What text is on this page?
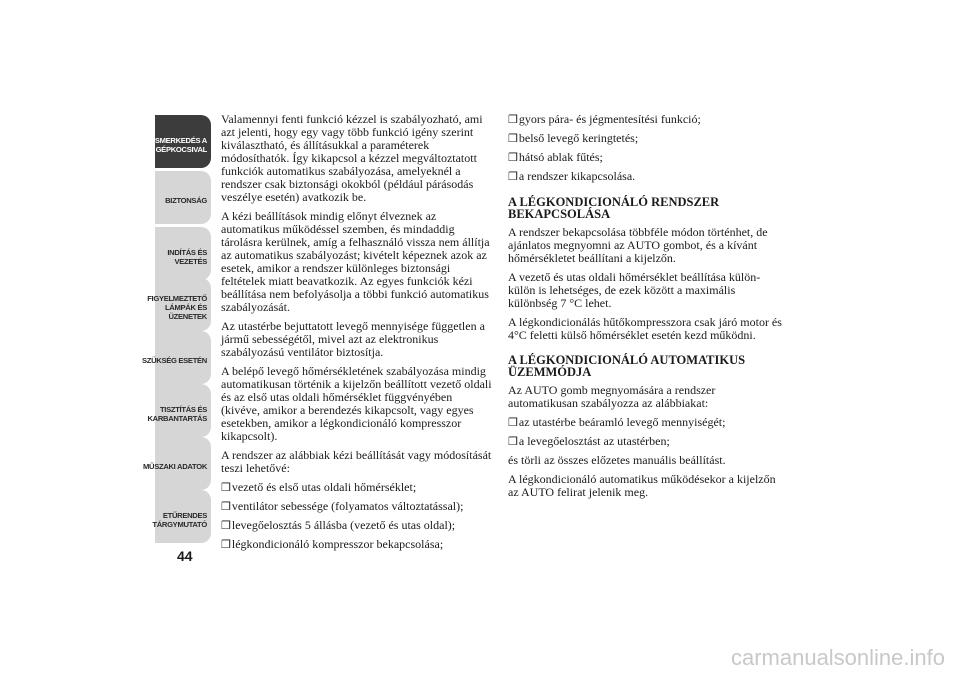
ISMERKEDÉS A
GÉPKOCSIVAL
BIZTONSÁG
INDÍTÁS ÉS
VEZETÉS
FIGYELMEZTETŐ
LÁMPÁK ÉS
ÜZENETEK
SZÜKSÉG ESETÉN
TISZTÍTÁS ÉS
KARBANTARTÁS
MŰSZAKI ADATOK
ETŰRENDES
TÁRGYMUTATÓ
44

Valamennyi fenti funkció kézzel is szabályozható, ami azt jelenti, hogy egy vagy több funkció igény szerint kiválasztható, és állításukkal a paraméterek módosíthatók. Így kikapcsol a kézzel megváltoztatott funkciók automatikus szabályozása, amelyeknél a rendszer csak biztonsági okokból (például párásodás veszélye esetén) avatkozik be.

A kézi beállítások mindig előnyt élveznek az automatikus működéssel szemben, és mindaddig tárolásra kerülnek, amíg a felhasználó vissza nem állítja az automatikus szabályozást; kivételt képeznek azok az esetek, amikor a rendszer különleges biztonsági feltételek miatt beavatkozik. Az egyes funkciók kézi beállítása nem befolyásolja a többi funkció automatikus szabályozását.

Az utastérbe bejuttatott levegő mennyisége független a jármű sebességétől, mivel azt az elektronikus szabályozású ventilátor biztosítja.

A belépő levegő hőmérsékletének szabályozása mindig automatikusan történik a kijelzőn beállított vezető oldali és az első utas oldali hőmérséklet függvényében (kivéve, amikor a berendezés kikapcsolt, vagy egyes esetekben, amikor a légkondicionáló kompresszor kikapcsolt).

A rendszer az alábbiak kézi beállítását vagy módosítását teszi lehetővé:

❒vezető és első utas oldali hőmérséklet;

❒ventilátor sebessége (folyamatos változtatással);

❒levegőelosztás 5 állásba (vezető és utas oldal);

❒légkondicionáló kompresszor bekapcsolása;

❒gyors pára- és jégmentesítési funkció;

❒belső levegő keringtetés;

❒hátsó ablak fűtés;

❒a rendszer kikapcsolása.

A LÉGKONDICIONÁLÓ RENDSZER BEKAPCSOLÁSA

A rendszer bekapcsolása többféle módon történhet, de ajánlatos megnyomni az AUTO gombot, és a kívánt hőmérsékletet beállítani a kijelzőn.

A vezető és utas oldali hőmérséklet beállítása külön-külön is lehetséges, de ezek között a maximális különbség 7 °C lehet.

A légkondicionálás hűtőkompresszora csak járó motor és 4°C feletti külső hőmérséklet esetén kezd működni.

A LÉGKONDICIONÁLÓ AUTOMATIKUS ÜZEMMÓDJA

Az AUTO gomb megnyomására a rendszer automatikusan szabályozza az alábbiakat:

❒az utastérbe beáramló levegő mennyiségét;

❒a levegőelosztást az utastérben;

és törli az összes előzetes manuális beállítást.

A légkondicionáló automatikus működésekor a kijelzőn az AUTO felirat jelenik meg.

carmanualsonline.info
